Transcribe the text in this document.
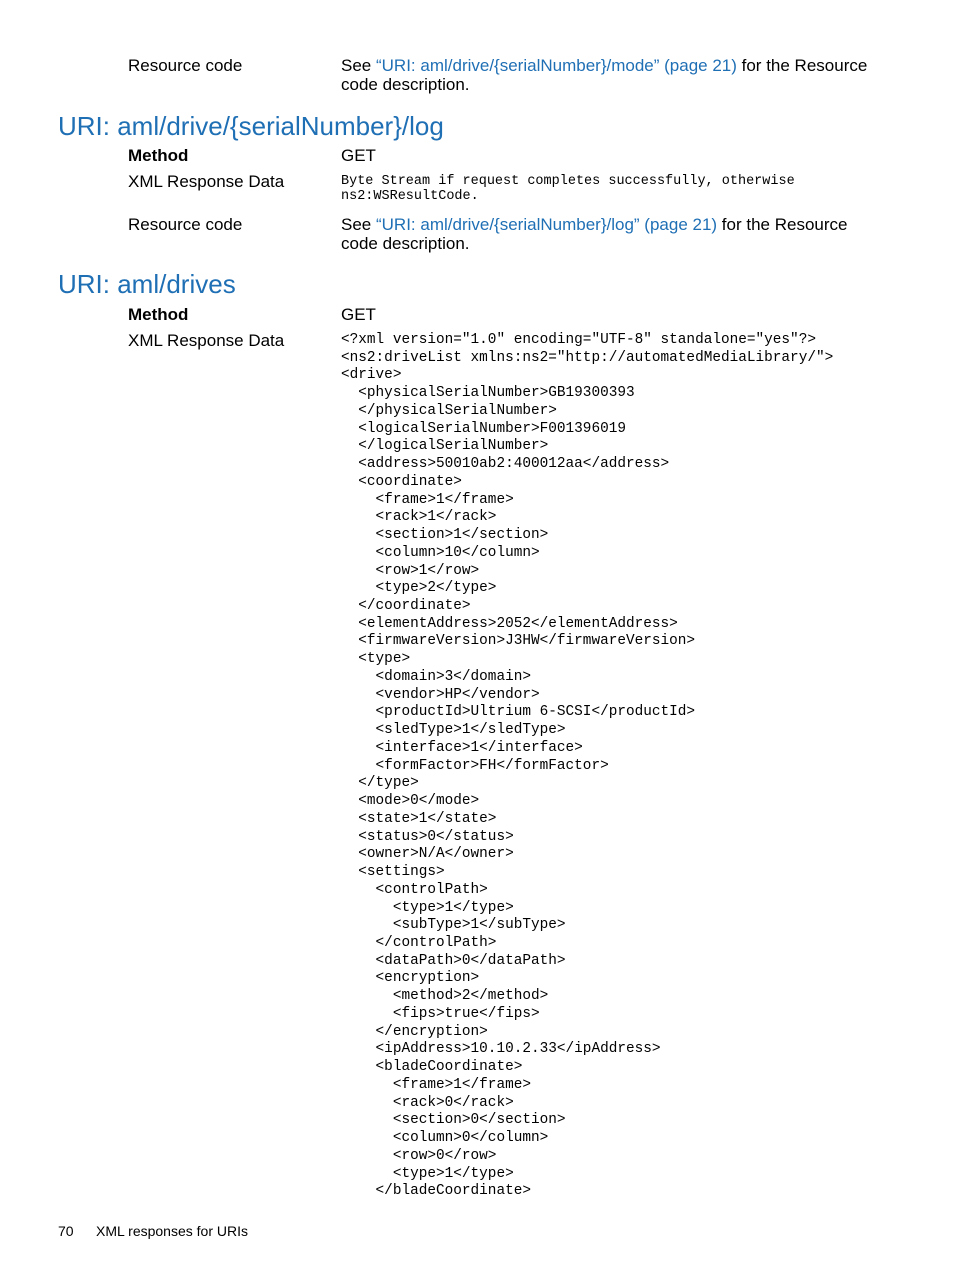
Resource code	See “URI: aml/drive/{serialNumber}/mode” (page 21) for the Resource code description.
URI: aml/drive/{serialNumber}/log
Method	GET
XML Response Data	Byte Stream if request completes successfully, otherwise
ns2:WSResultCode.
Resource code	See “URI: aml/drive/{serialNumber}/log” (page 21) for the Resource code description.
URI: aml/drives
Method	GET
XML Response Data	<?xml version="1.0" encoding="UTF-8" standalone="yes"?>
<ns2:driveList xmlns:ns2="http://automatedMediaLibrary/">
<drive>
<physicalSerialNumber>GB19300393
</physicalSerialNumber>
<logicalSerialNumber>F001396019
</logicalSerialNumber>
<address>50010ab2:400012aa</address>
<coordinate>
<frame>1</frame>
<rack>1</rack>
<section>1</section>
<column>10</column>
<row>1</row>
<type>2</type>
</coordinate>
<elementAddress>2052</elementAddress>
<firmwareVersion>J3HW</firmwareVersion>
<type>
<domain>3</domain>
<vendor>HP</vendor>
<productId>Ultrium 6-SCSI</productId>
<sledType>1</sledType>
<interface>1</interface>
<formFactor>FH</formFactor>
</type>
<mode>0</mode>
<state>1</state>
<status>0</status>
<owner>N/A</owner>
<settings>
<controlPath>
<type>1</type>
<subType>1</subType>
</controlPath>
<dataPath>0</dataPath>
<encryption>
<method>2</method>
<fips>true</fips>
</encryption>
<ipAddress>10.10.2.33</ipAddress>
<bladeCoordinate>
<frame>1</frame>
<rack>0</rack>
<section>0</section>
<column>0</column>
<row>0</row>
<type>1</type>
</bladeCoordinate>
70 XML responses for URIs
